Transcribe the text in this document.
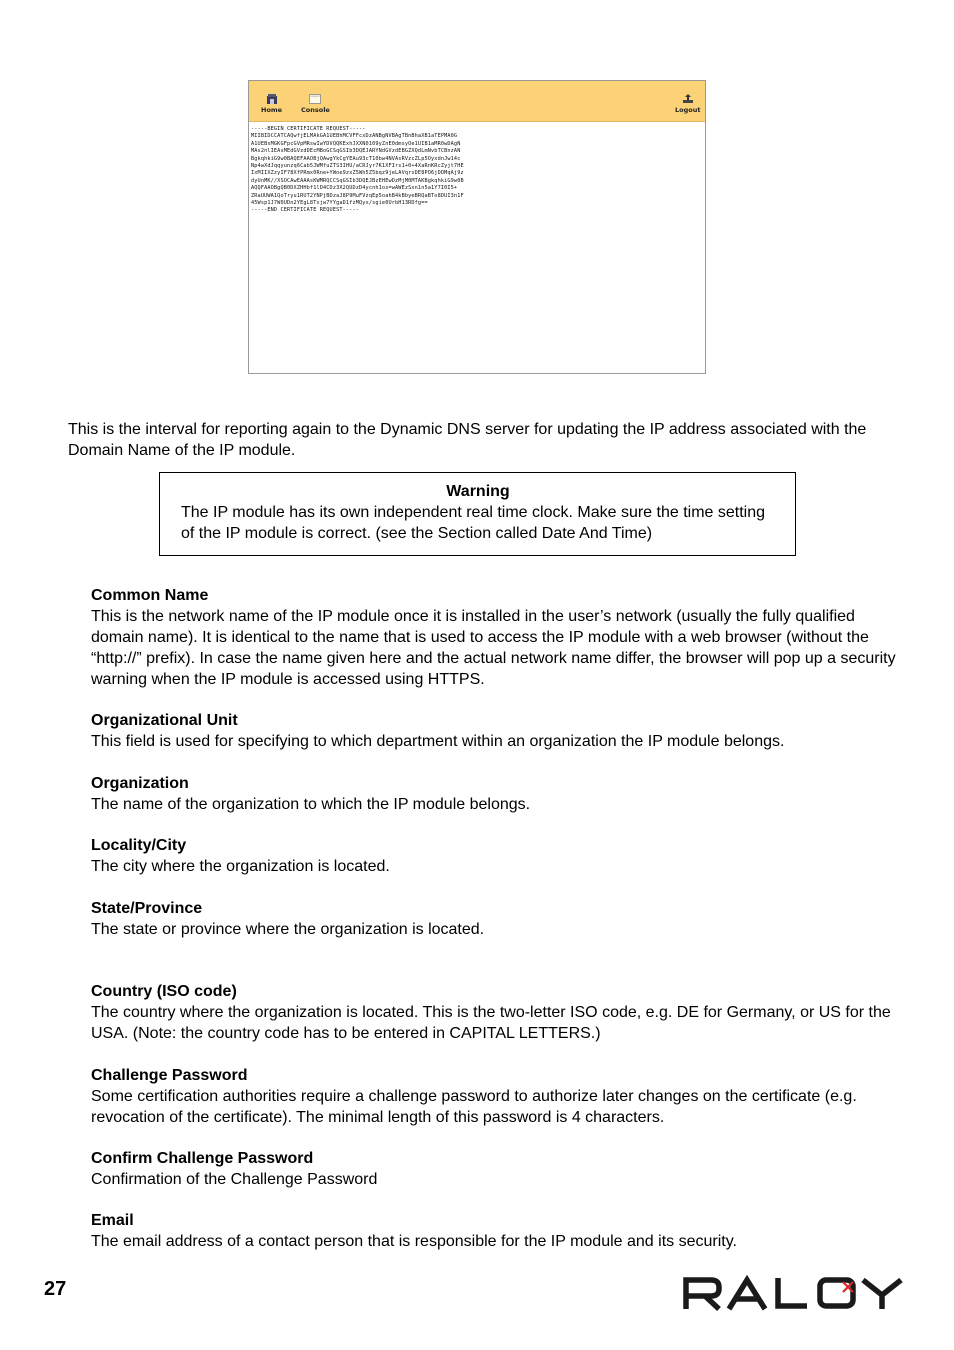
Home	Console	Logout
-----BEGIN CERTIFICATE REQUEST-----
MIIBIDCCATCAQwfjELMAkGA1UEBhMCVFFcxDzANBgNVBAgTBnBhaXB1aTEPMA0G
A1UEBxMGKGFpcGVpMRswIwYDVQQKExhJXXN0109yZnE0dmsyOe1UIB1aMR0wDAgN
MAs2nlIEAsMEdGVzdDEcMBoGCSqGSIb3DQEJARYNdGVzdEBGZXQdLmNvbTCBnzAN
BgkqhkiG9w0BAQEFAAOBjQAwgYkCgYEAu93cT10bw4NVAsRVzcZLp5OyxdnJw14c
Np4wXdJqqyunzq6Cab5JWMfuZTS3IHU/aCRJyr7K1XFIrs1+0+4XaRnKRcZyjt7HE
IxMIIXZzyIF78XfPRmx0Rne+YWoe9zxZ5Wh5Z5bqz9jeLAVqrsDE8PO6jDDMqAj9z
dyUnMK//XSOCAwEAAAsKWMRQCCSqGSIb3DQEJBzEHEwDzMjM0MTAKBgkqhkiG9w0B
AQQFAAOBgQB0DXZHHbf1lD4CDz3X2QUDzD4ycnh1os=wAWEzSxn1n5a1Y7I0I5+
ZRaUUWA1QoTryu1RUT2YNPjBDzaJ8P9MuFVzqEp5oahB4kBbyeBRQaBTo8DUI3n1F
45Wsp1J7W0UDn2YEgL8Txjw7YYgaD1fzMQyx/sgie0UrbH13RDfg==
-----END CERTIFICATE REQUEST-----
This is the interval for reporting again to the Dynamic DNS server for updating the IP address associated with the Domain Name of the IP module.
Warning
The IP module has its own independent real time clock. Make sure the time setting of the IP module is correct. (see the Section called Date And Time)
Common Name
This is the network name of the IP module once it is installed in the user’s network (usually the fully qualified domain name). It is identical to the name that is used to access the IP module with a web browser (without the “http://” prefix). In case the name given here and the actual network name differ, the browser will pop up a security warning when the IP module is accessed using HTTPS.
Organizational Unit
This field is used for specifying to which department within an organization the IP module belongs.
Organization
The name of the organization to which the IP module belongs.
Locality/City
The city where the organization is located.
State/Province
The state or province where the organization is located.
Country (ISO code)
The country where the organization is located. This is the two-letter ISO code, e.g. DE for Germany, or US for the USA. (Note: the country code has to be entered in CAPITAL LETTERS.)
Challenge Password
Some certification authorities require a challenge password to authorize later changes on the certificate (e.g. revocation of the certificate). The minimal length of this password is 4 characters.
Confirm Challenge Password
Confirmation of the Challenge Password
Email
The email address of a contact person that is responsible for the IP module and its security.
27
